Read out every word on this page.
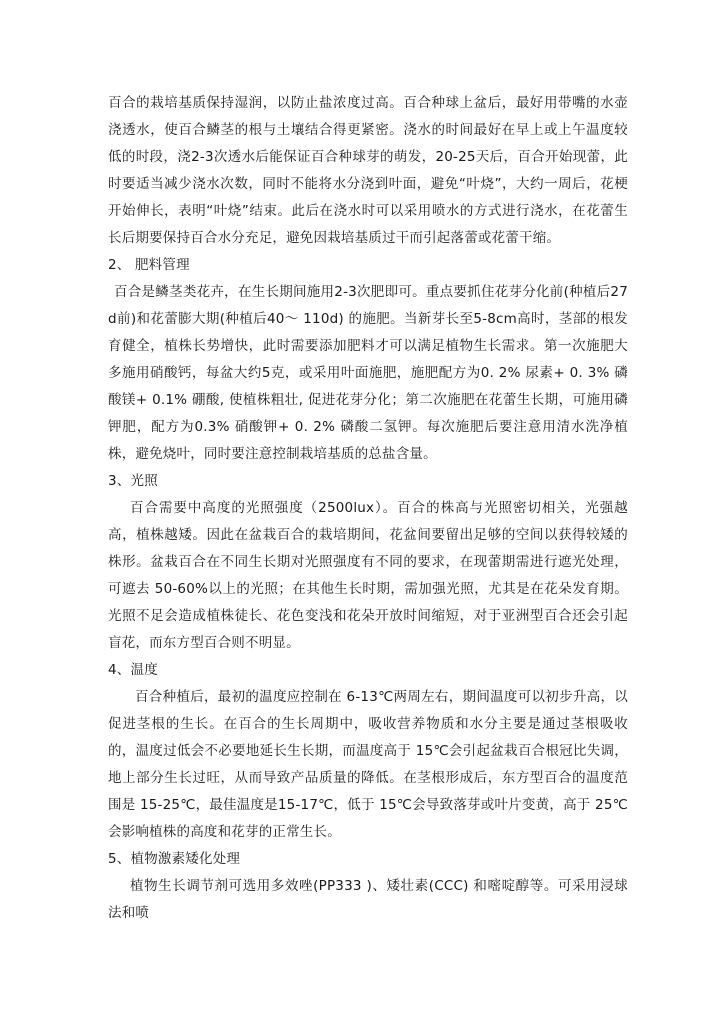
百合的栽培基质保持湿润，以防止盐浓度过高。百合种球上盆后，最好用带嘴的水壶浇透水，使百合鳞茎的根与土壤结合得更紧密。浇水的时间最好在早上或上午温度较低的时段，浇2-3次透水后能保证百合种球芽的萌发，20-25天后，百合开始现蕾，此时要适当减少浇水次数，同时不能将水分浇到叶面，避免“叶烧”，大约一周后，花梗开始伸长，表明“叶烧”结束。此后在浇水时可以采用喷水的方式进行浇水，在花蕾生长后期要保持百合水分充足，避免因栽培基质过干而引起落蕾或花蕾干缩。

2、 肥料管理

百合是鳞茎类花卉，在生长期间施用2-3次肥即可。重点要抓住花芽分化前(种植后27d前)和花蕾膨大期(种植后40～ 110d) 的施肥。当新芽长至5-8cm高时，茎部的根发育健全，植株长势增快，此时需要添加肥料才可以满足植物生长需求。第一次施肥大多施用硝酸钙，每盆大约5克，或采用叶面施肥，施肥配方为0. 2% 尿素+ 0. 3% 磷酸镁+ 0.1% 硼酸, 使植株粗壮, 促进花芽分化；第二次施肥在花蕾生长期，可施用磷钾肥，配方为0.3% 硝酸钾+ 0. 2% 磷酸二氢钾。每次施肥后要注意用清水洗净植株，避免烧叶，同时要注意控制栽培基质的总盐含量。

3、光照

百合需要中高度的光照强度（2500lux）。百合的株高与光照密切相关，光强越高，植株越矮。因此在盆栽百合的栽培期间，花盆间要留出足够的空间以获得较矮的株形。盆栽百合在不同生长期对光照强度有不同的要求，在现蕾期需进行遮光处理，可遮去 50-60%以上的光照；在其他生长时期，需加强光照，尤其是在花朵发育期。光照不足会造成植株徒长、花色变浅和花朵开放时间缩短，对于亚洲型百合还会引起盲花，而东方型百合则不明显。

4、温度

百合种植后，最初的温度应控制在 6-13℃两周左右，期间温度可以初步升高，以促进茎根的生长。在百合的生长周期中，吸收营养物质和水分主要是通过茎根吸收的，温度过低会不必要地延长生长期，而温度高于 15℃会引起盆栽百合根冠比失调，地上部分生长过旺，从而导致产品质量的降低。在茎根形成后，东方型百合的温度范围是 15-25℃，最佳温度是15-17℃，低于 15℃会导致落芽或叶片变黄，高于 25℃会影响植株的高度和花芽的正常生长。

5、植物激素矮化处理

植物生长调节剂可选用多效唑(PP333 )、矮壮素(CCC) 和嘧啶醇等。可采用浸球法和喷
